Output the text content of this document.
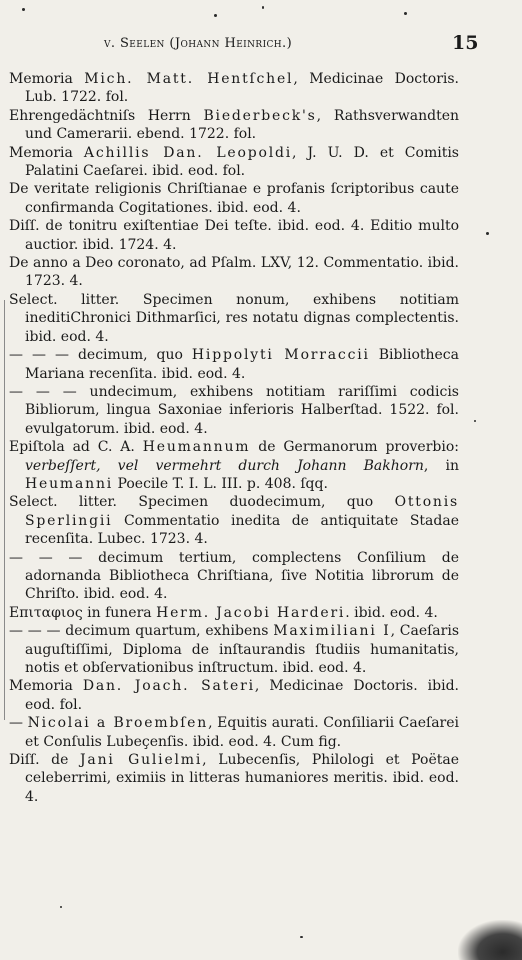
v. Seelen (Johann Heinrich.)	15

Memoria Mich. Matt. Hentſchel, Medicinae Doctoris. Lub. 1722. fol.

Ehrengedächtniſs Herrn Biederbeck's, Rathsverwandten und Camerarii. ebend. 1722. fol.

Memoria Achillis Dan. Leopoldi, J. U. D. et Comitis Palatini Caeſarei. ibid. eod. fol.

De veritate religionis Chriſtianae e profanis ſcriptoribus caute confirmanda Cogitationes. ibid. eod. 4.

Diſſ. de tonitru exiſtentiae Dei teſte. ibid. eod. 4. Editio multo auctior. ibid. 1724. 4.

De anno a Deo coronato, ad Pſalm. LXV, 12. Commentatio. ibid. 1723. 4.

Select. litter. Specimen nonum, exhibens notitiam ineditiChronici Dithmarſici, res notatu dignas complectentis. ibid. eod. 4.

— — — decimum, quo Hippolyti Morraccii Bibliotheca Mariana recenſita. ibid. eod. 4.

— — — undecimum, exhibens notitiam rariſſimi codicis Bibliorum, lingua Saxoniae inferioris Halberſtad. 1522. fol. evulgatorum. ibid. eod. 4.

Epiſtola ad C. A. Heumannum de Germanorum proverbio: verbeſſert, vel vermehrt durch Johann Bakhorn, in Heumanni Poecile T. I. L. III. p. 408. ſqq.

Select. litter. Specimen duodecimum, quo Ottonis Sperlingii Commentatio inedita de antiquitate Stadae recenſita. Lubec. 1723. 4.

— — — decimum tertium, complectens Conſilium de adornanda Bibliotheca Chriſtiana, ſive Notitia librorum de Chriſto. ibid. eod. 4.

Επιταφιος in funera Herm. Jacobi Harderi. ibid. eod. 4.

— — — decimum quartum, exhibens Maximiliani I, Caeſaris auguſtiſſimi, Diploma de inſtaurandis ſtudiis humanitatis, notis et obſervationibus inſtructum. ibid. eod. 4.

Memoria Dan. Joach. Sateri, Medicinae Doctoris. ibid. eod. fol.

— Nicolai a Broembſen, Equitis aurati. Conſiliarii Caeſarei et Conſulis Lubeçenſis. ibid. eod. 4. Cum fig.

Diſſ. de Jani Gulielmi, Lubecenſis, Philologi et Poëtae celeberrimi, eximiis in litteras humaniores meritis. ibid. eod. 4.
